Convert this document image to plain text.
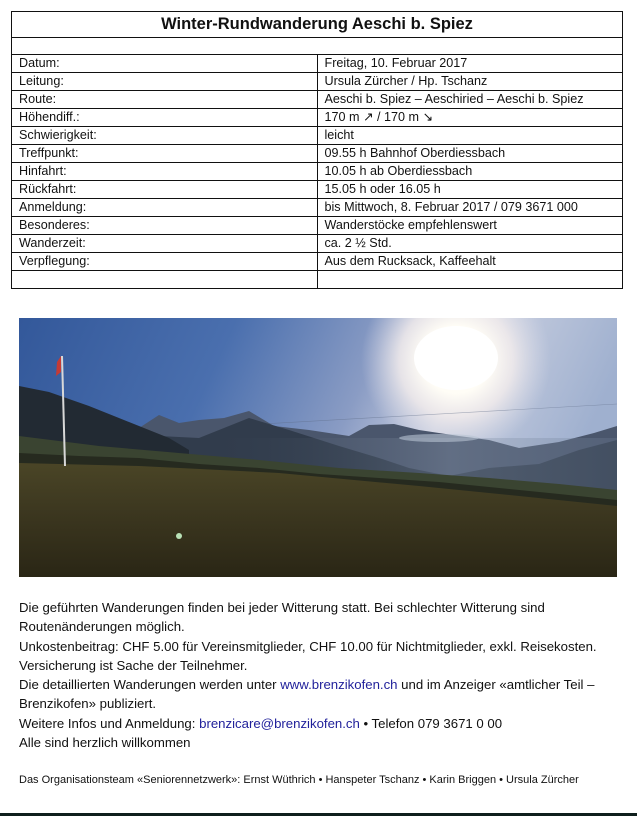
Winter-Rundwanderung Aeschi b. Spiez	

Datum:	Freitag, 10. Februar 2017
Leitung:	Ursula Zürcher / Hp. Tschanz
Route:	Aeschi b. Spiez – Aeschiried – Aeschi b. Spiez
Höhendiff.:	170 m ↗ / 170 m ↘
Schwierigkeit:	leicht
Treffpunkt:	09.55 h Bahnhof Oberdiessbach
Hinfahrt:	10.05 h ab Oberdiessbach
Rückfahrt:	15.05 h oder 16.05 h
Anmeldung:	bis Mittwoch, 8. Februar 2017 / 079 3671 000
Besonderes:	Wanderstöcke empfehlenswert
Wanderzeit:	ca. 2 ½ Std.
Verpflegung:	Aus dem Rucksack, Kaffeehalt

Die geführten Wanderungen finden bei jeder Witterung statt. Bei schlechter Witterung sind Routenänderungen möglich.

Unkostenbeitrag: CHF 5.00 für Vereinsmitglieder, CHF 10.00 für Nichtmitglieder, exkl. Reisekosten. Versicherung ist Sache der Teilnehmer.

Die detaillierten Wanderungen werden unter www.brenzikofen.ch und im Anzeiger «amtlicher Teil – Brenzikofen» publiziert.

Weitere Infos und Anmeldung: brenzicare@brenzikofen.ch • Telefon 079 3671 0 00

Alle sind herzlich willkommen

Das Organisationsteam «Seniorennetzwerk»: Ernst Wüthrich • Hanspeter Tschanz • Karin Briggen • Ursula Zürcher
